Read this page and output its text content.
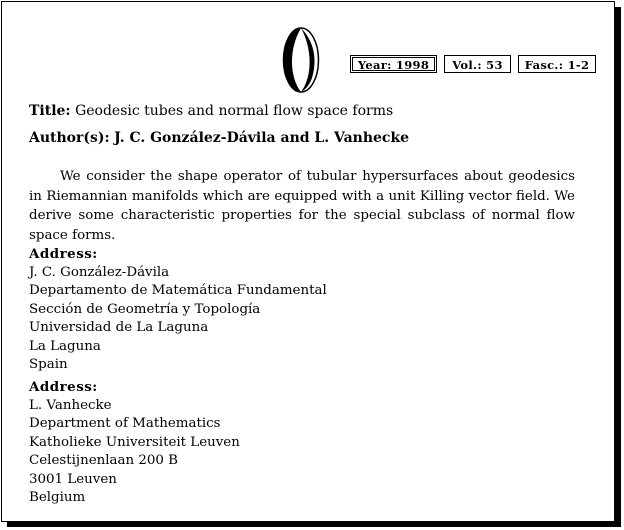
Year: 1998	Vol.: 53	Fasc.: 1-2
Title: Geodesic tubes and normal flow space forms
Author(s): J. C. González-Dávila and L. Vanhecke
We consider the shape operator of tubular hypersurfaces about geodesics in Riemannian manifolds which are equipped with a unit Killing vector field. We derive some characteristic properties for the special subclass of normal flow space forms.
Address:
J. C. González-Dávila
Departamento de Matemática Fundamental
Sección de Geometría y Topología
Universidad de La Laguna
La Laguna
Spain
Address:
L. Vanhecke
Department of Mathematics
Katholieke Universiteit Leuven
Celestijnenlaan 200 B
3001 Leuven
Belgium
